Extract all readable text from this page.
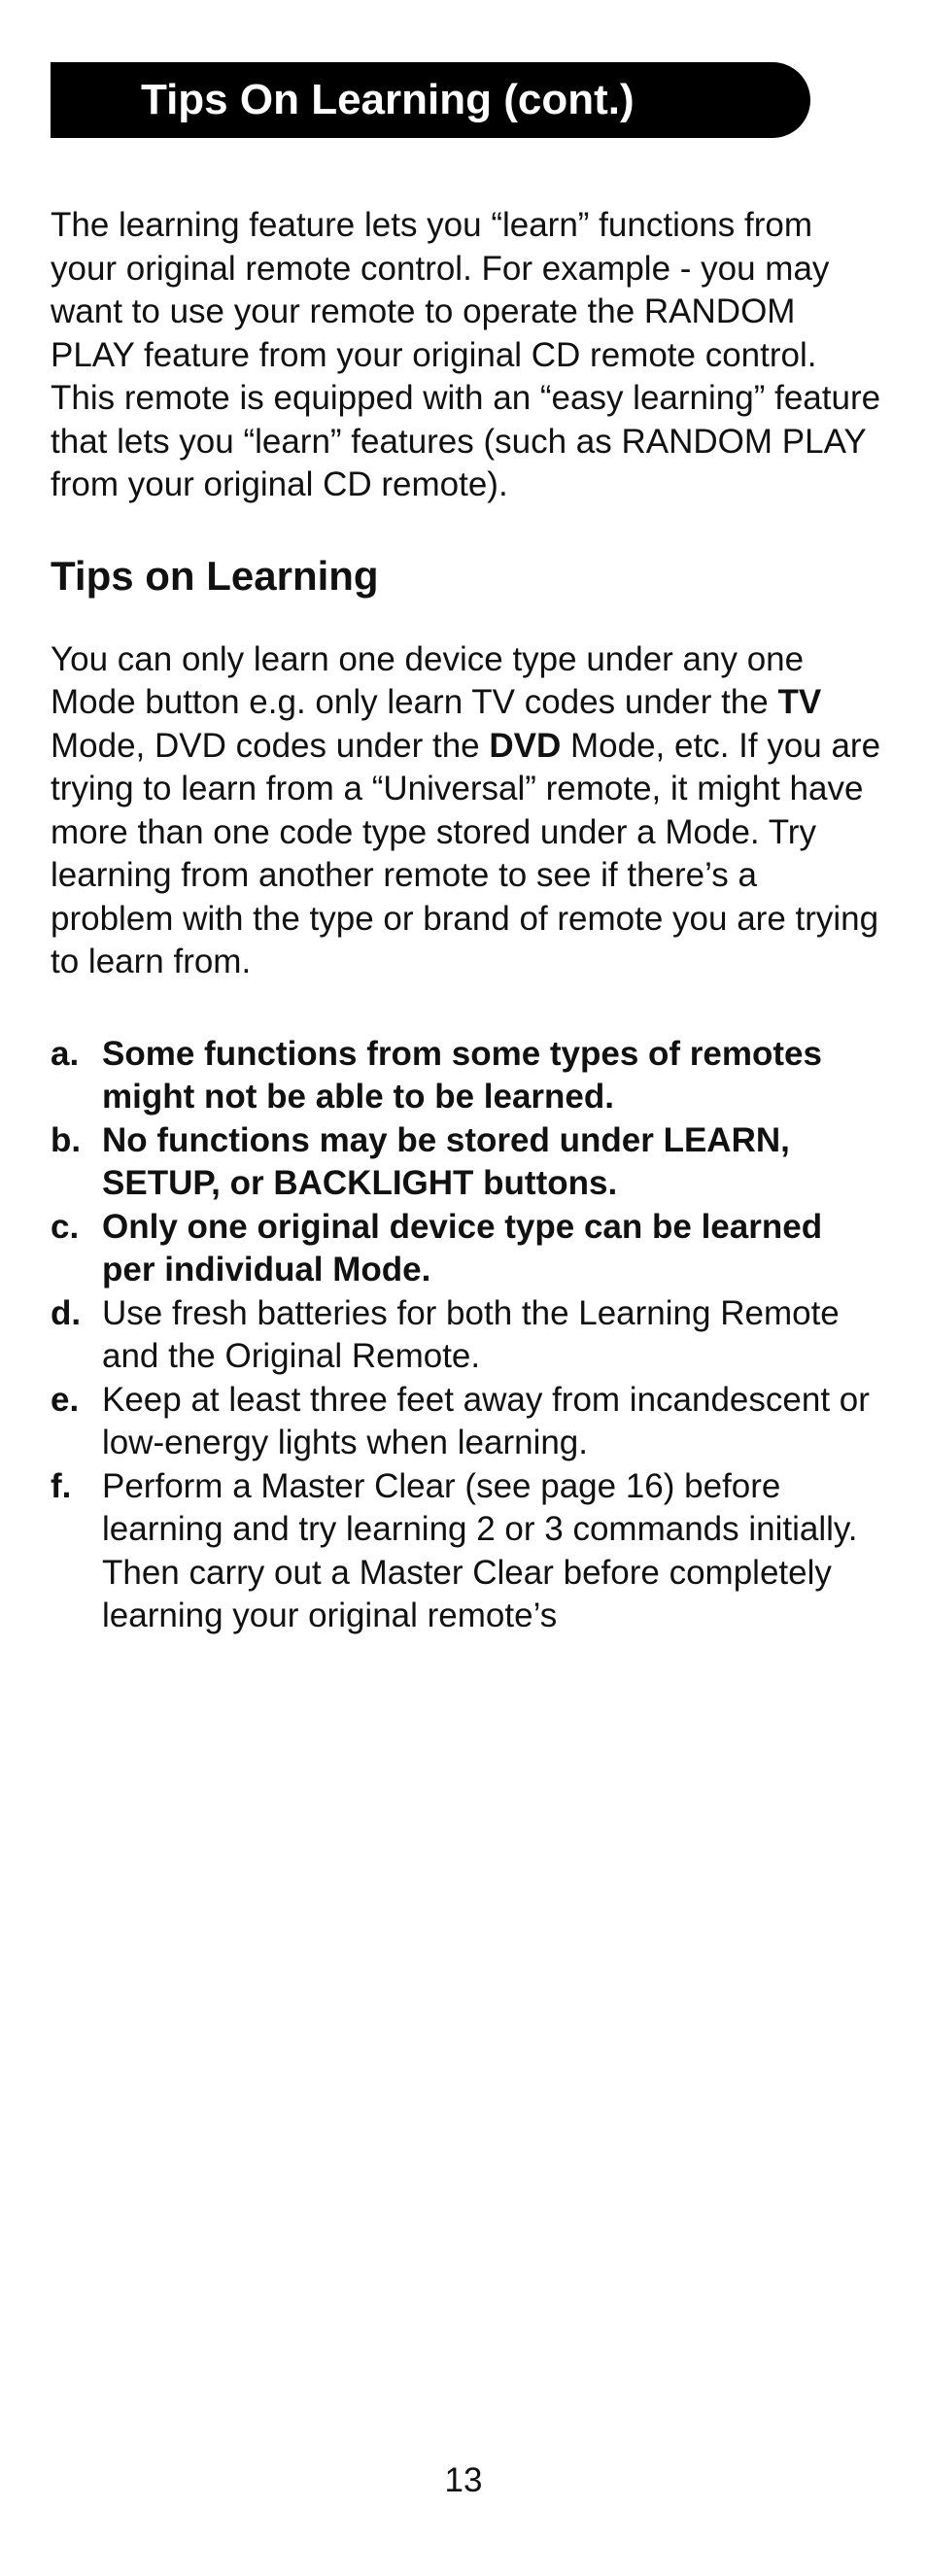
Tips On Learning (cont.)

The learning feature lets you “learn” functions from your original remote control. For example - you may want to use your remote to operate the RANDOM PLAY feature from your original CD remote control. This remote is equipped with an “easy learning” feature that lets you “learn” features (such as RANDOM PLAY from your original CD remote).

Tips on Learning

You can only learn one device type under any one Mode button e.g. only learn TV codes under the TV Mode, DVD codes under the DVD Mode, etc. If you are trying to learn from a “Universal” remote, it might have more than one code type stored under a Mode. Try learning from another remote to see if there’s a problem with the type or brand of remote you are trying to learn from.

a. Some functions from some types of remotes might not be able to be learned.
b. No functions may be stored under LEARN, SETUP, or BACKLIGHT buttons.
c. Only one original device type can be learned per individual Mode.
d. Use fresh batteries for both the Learning Remote and the Original Remote.
e. Keep at least three feet away from incandescent or low-energy lights when learning.
f. Perform a Master Clear (see page 16) before learning and try learning 2 or 3 commands initially. Then carry out a Master Clear before completely learning your original remote’s
13
